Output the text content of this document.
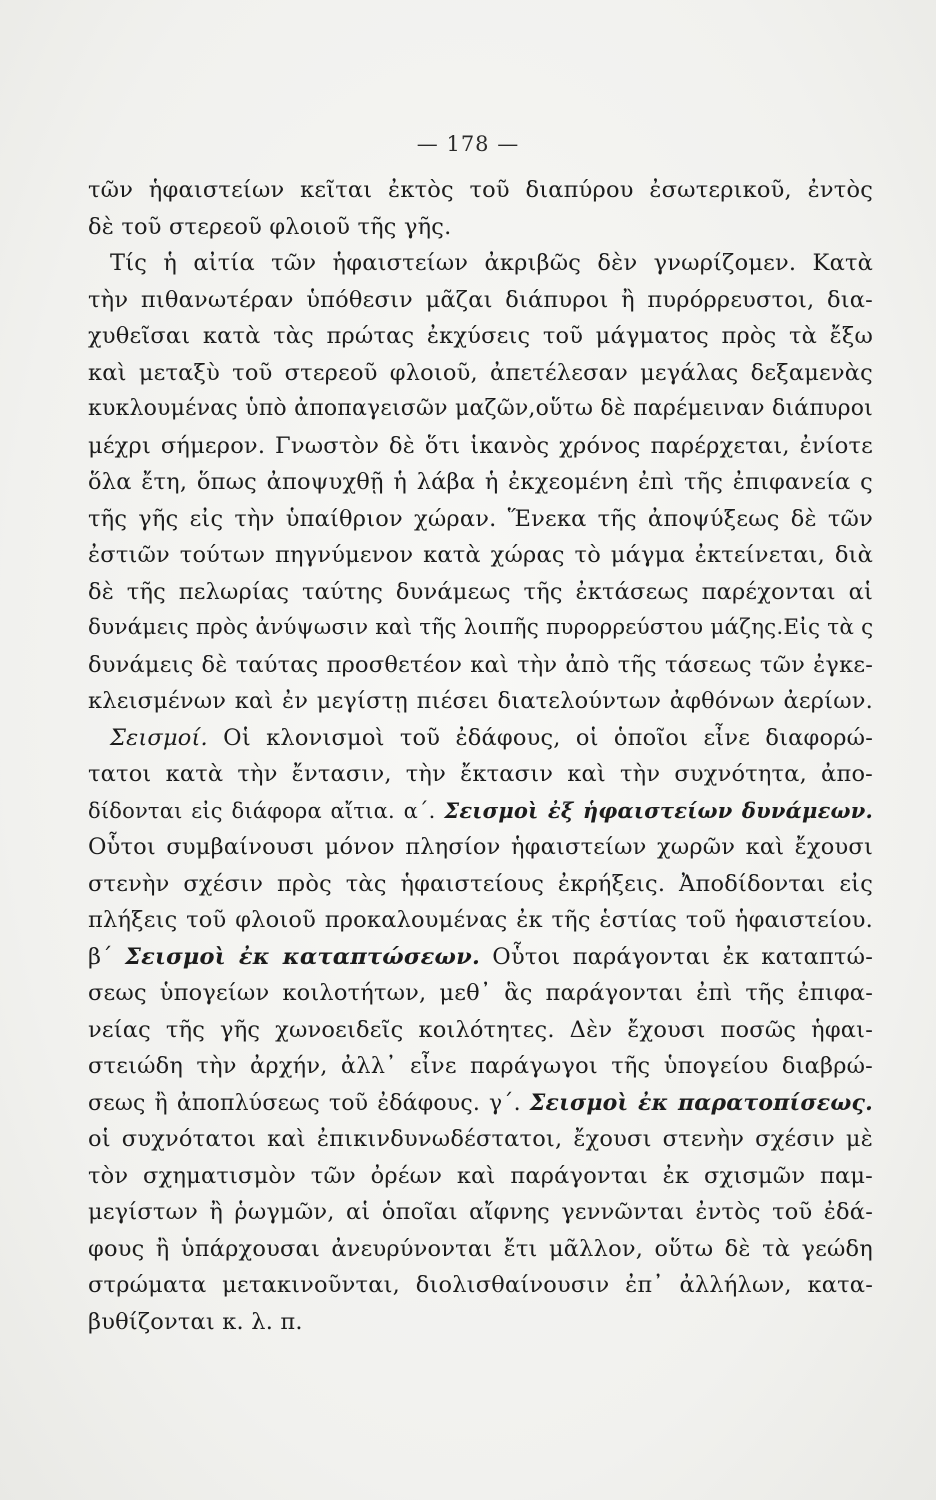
— 178 —
τῶν ἡφαιστείων κεῖται ἐκτὸς τοῦ διαπύρου ἐσωτερικοῦ, ἐντὸς
δὲ τοῦ στερεοῦ φλοιοῦ τῆς γῆς.
Τίς ἡ αἰτία τῶν ἡφαιστείων ἀκριβῶς δὲν γνωρίζομεν. Κατὰ
τὴν πιθανωτέραν ὑπόθεσιν μᾶζαι διάπυροι ἢ πυρόρρευστοι, δια-
χυθεῖσαι κατὰ τὰς πρώτας ἐκχύσεις τοῦ μάγματος πρὸς τὰ ἔξω
καὶ μεταξὺ τοῦ στερεοῦ φλοιοῦ, ἀπετέλεσαν μεγάλας δεξαμενὰς
κυκλουμένας ὑπὸ ἀποπαγεισῶν μαζῶν,οὕτω δὲ παρέμειναν διάπυροι
μέχρι σήμερον. Γνωστὸν δὲ ὅτι ἱκανὸς χρόνος παρέρχεται, ἐνίοτε
ὅλα ἔτη, ὅπως ἀποψυχθῇ ἡ λάβα ἡ ἐκχεομένη ἐπὶ τῆς ἐπιφανεία ς
τῆς γῆς εἰς τὴν ὑπαίθριον χώραν. Ἕνεκα τῆς ἀποψύξεως δὲ τῶν
ἐστιῶν τούτων πηγνύμενον κατὰ χώρας τὸ μάγμα ἐκτείνεται, διὰ
δὲ τῆς πελωρίας ταύτης δυνάμεως τῆς ἐκτάσεως παρέχονται αἱ
δυνάμεις πρὸς ἀνύψωσιν καὶ τῆς λοιπῆς πυρορρεύστου μάζης.Εἰς τὰ ς
δυνάμεις δὲ ταύτας προσθετέον καὶ τὴν ἀπὸ τῆς τάσεως τῶν ἐγκε-
κλεισμένων καὶ ἐν μεγίστῃ πιέσει διατελούντων ἀφθόνων ἀερίων.
Σεισμοί. Οἱ κλονισμοὶ τοῦ ἐδάφους, οἱ ὁποῖοι εἶνε διαφορώ-
τατοι κατὰ τὴν ἔντασιν, τὴν ἔκτασιν καὶ τὴν συχνότητα, ἀπο-
δίδονται εἰς διάφορα αἴτια. α΄. Σεισμοὶ ἐξ ἡφαιστείων δυνάμεων.
Οὗτοι συμβαίνουσι μόνον πλησίον ἡφαιστείων χωρῶν καὶ ἔχουσι
στενὴν σχέσιν πρὸς τὰς ἡφαιστείους ἐκρήξεις. Ἀποδίδονται εἰς
πλήξεις τοῦ φλοιοῦ προκαλουμένας ἐκ τῆς ἑστίας τοῦ ἡφαιστείου.
β΄ Σεισμοὶ ἐκ καταπτώσεων. Οὗτοι παράγονται ἐκ καταπτώ-
σεως ὑπογείων κοιλοτήτων, μεθ᾽ ἃς παράγονται ἐπὶ τῆς ἐπιφα-
νείας τῆς γῆς χωνοειδεῖς κοιλότητες. Δὲν ἔχουσι ποσῶς ἡφαι-
στειώδη τὴν ἀρχήν, ἀλλ᾽ εἶνε παράγωγοι τῆς ὑπογείου διαβρώ-
σεως ἢ ἀποπλύσεως τοῦ ἐδάφους. γ΄. Σεισμοὶ ἐκ παρατοπίσεως.
οἱ συχνότατοι καὶ ἐπικινδυνωδέστατοι, ἔχουσι στενὴν σχέσιν μὲ
τὸν σχηματισμὸν τῶν ὀρέων καὶ παράγονται ἐκ σχισμῶν παμ-
μεγίστων ἢ ῥωγμῶν, αἱ ὁποῖαι αἴφνης γεννῶνται ἐντὸς τοῦ ἐδά-
φους ἢ ὑπάρχουσαι ἀνευρύνονται ἔτι μᾶλλον, οὕτω δὲ τὰ γεώδη
στρώματα μετακινοῦνται, διολισθαίνουσιν ἐπ᾽ ἀλλήλων, κατα-
βυθίζονται κ. λ. π.
